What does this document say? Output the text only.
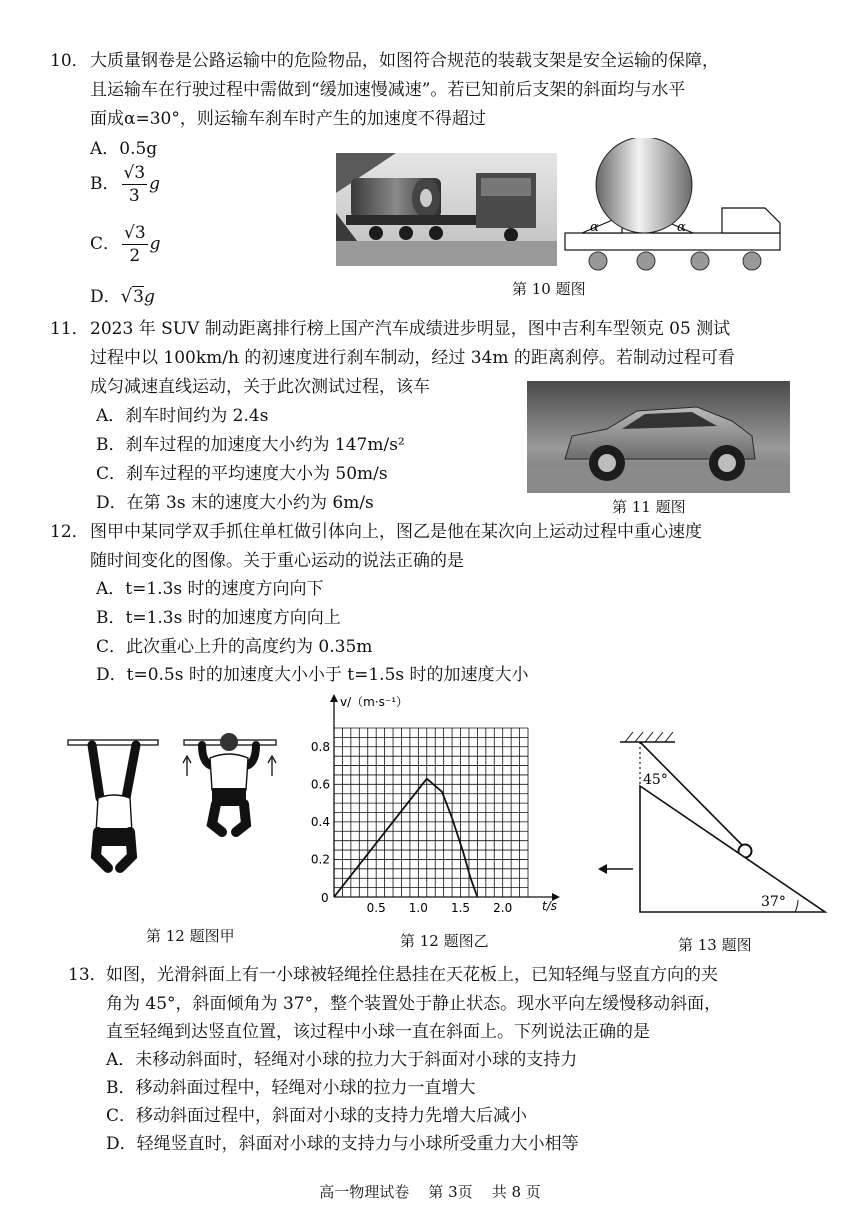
10． 大质量钢卷是公路运输中的危险物品，如图符合规范的装载支架是安全运输的保障，
且运输车在行驶过程中需做到“缓加速慢减速”。若已知前后支架的斜面均与水平
面成α=30°，则运输车刹车时产生的加速度不得超过
A．0.5g
B． $\frac{√3}{3}$ g
C． $\frac{√3}{2}$ g
D．√3g
α	α
第 10 题图
11． 2023 年 SUV 制动距离排行榜上国产汽车成绩进步明显，图中吉利车型领克 05 测试
过程中以 100km/h 的初速度进行刹车制动，经过 34m 的距离刹停。若制动过程可看
成匀减速直线运动，关于此次测试过程，该车
A．刹车时间约为 2.4s
B．刹车过程的加速度大小约为 147m/s²
C．刹车过程的平均速度大小为 50m/s
D．在第 3s 末的速度大小约为 6m/s	第 11 题图
12． 图甲中某同学双手抓住单杠做引体向上，图乙是他在某次向上运动过程中重心速度
随时间变化的图像。关于重心运动的说法正确的是
A．t=1.3s 时的速度方向向下
B．t=1.3s 时的加速度方向向上
C．此次重心上升的高度约为 0.35m
D．t=0.5s 时的加速度大小小于 t=1.5s 时的加速度大小
第 12 题图甲
0.5 1.0 1.5 2.0
0.2
0.4
0.6
0.8
v/（m·s⁻¹）
t/s
0
第 12 题图乙
45°
37°
第 13 题图
13． 如图，光滑斜面上有一小球被轻绳拴住悬挂在天花板上，已知轻绳与竖直方向的夹
角为 45°，斜面倾角为 37°，整个装置处于静止状态。现水平向左缓慢移动斜面，
直至轻绳到达竖直位置，该过程中小球一直在斜面上。下列说法正确的是
A．未移动斜面时，轻绳对小球的拉力大于斜面对小球的支持力
B．移动斜面过程中，轻绳对小球的拉力一直增大
C．移动斜面过程中，斜面对小球的支持力先增大后减小
D．轻绳竖直时，斜面对小球的支持力与小球所受重力大小相等
高一物理试卷 第 3页 共 8 页
